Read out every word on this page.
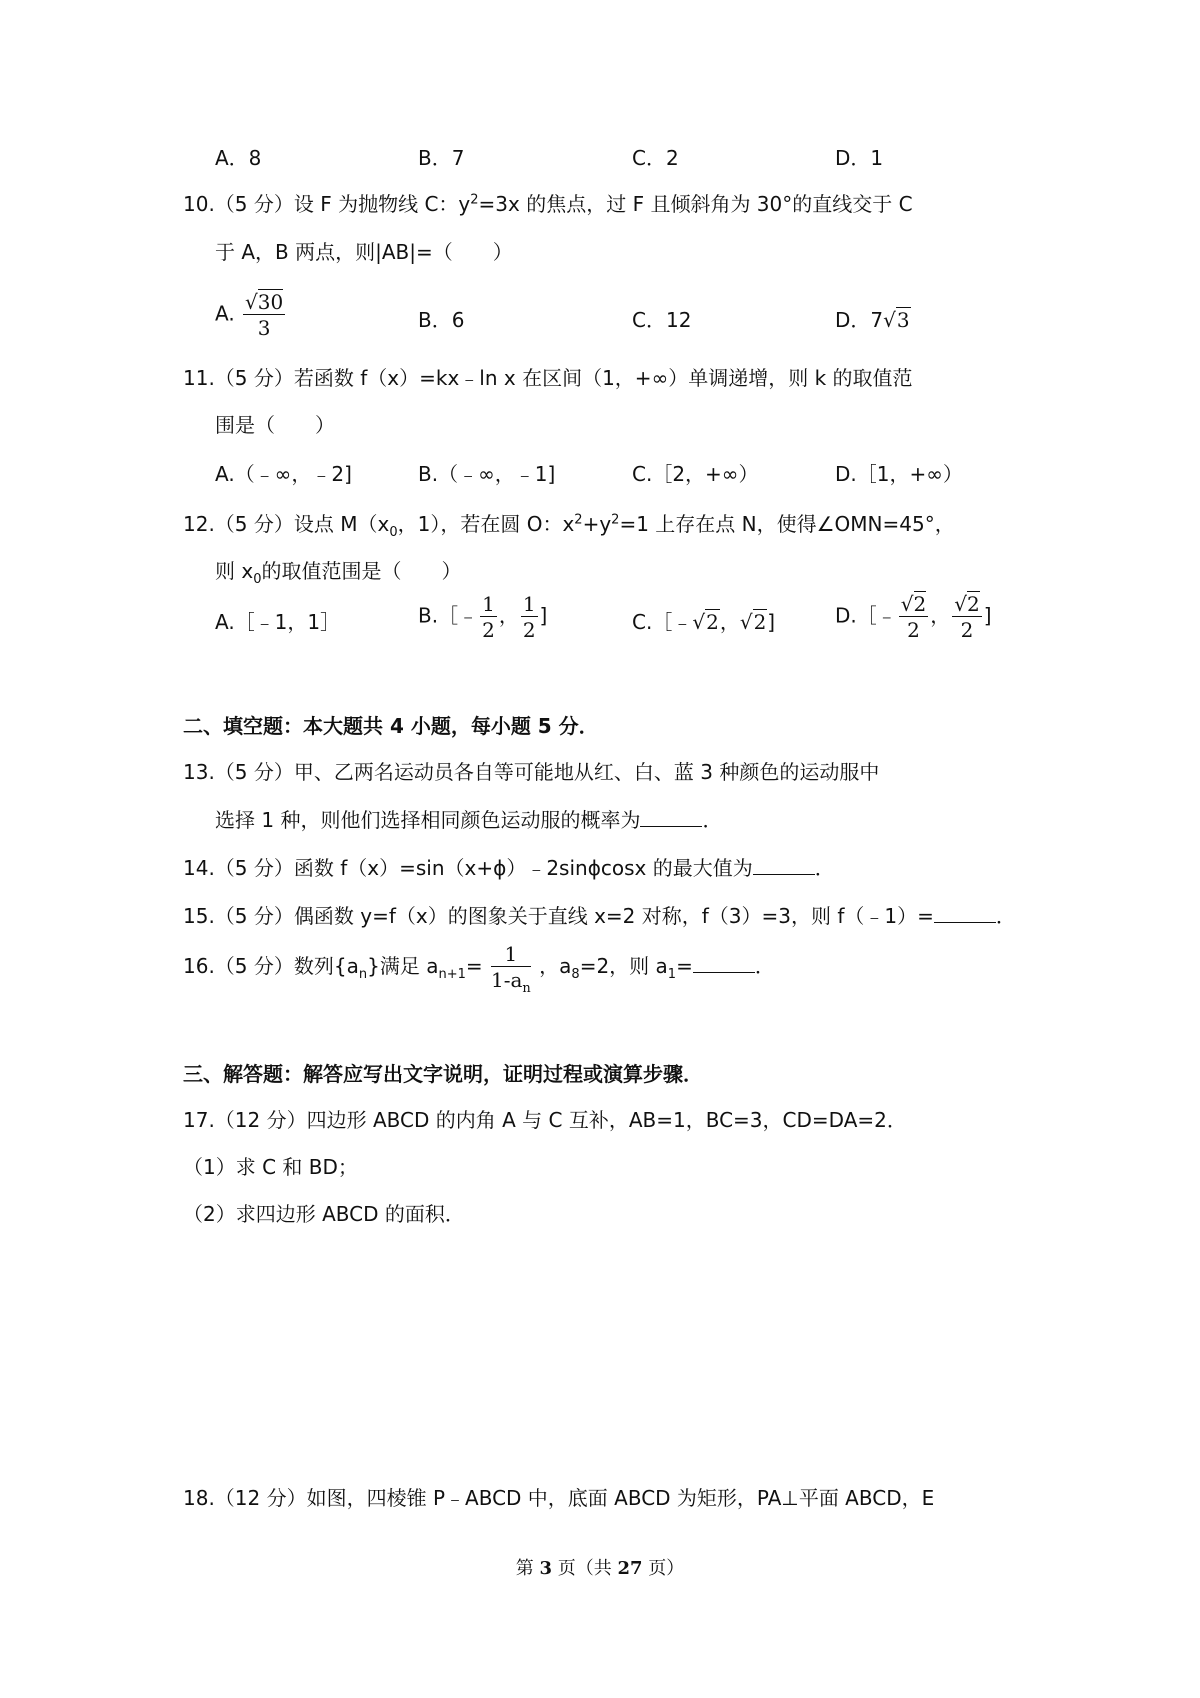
A．8	B．7	C．2	D．1
10.（5 分）设 F 为抛物线 C：$y^2=3x$ 的焦点，过 F 且倾斜角为 30°的直线交于 C
于 A，B 两点，则|AB|=（　　）
A. $\frac{√30}{3}$	B．6	C．12	D．7√3
11.（5 分）若函数 f（x）=kx﹣ln x 在区间（1，+∞）单调递增，则 k 的取值范
围是（　　）
A.（﹣∞，﹣2]	B.（﹣∞，﹣1]	C.［2，+∞）	D.［1，+∞）
12.（5 分）设点 $M(x_0$，1），若在圆 O：$x^2+y^2=1$ 上存在点 N，使得∠OMN=45°，
则 $x_0$的取值范围是（　　）
A.［﹣1，1］	B.［﹣ $\frac{1}{2}$ ， $\frac{1}{2}$ ]	C.［﹣√2，√2]	D.［﹣ $\frac{√2}{2}$ ， $\frac{√2}{2}$ ]
二、填空题：本大题共 4 小题，每小题 5 分．
13.（5 分）甲、乙两名运动员各自等可能地从红、白、蓝 3 种颜色的运动服中
选择 1 种，则他们选择相同颜色运动服的概率为	．
14.（5 分）函数 f（x）=sin（x+ϕ）﹣2sinϕcosx 的最大值为	．
15.（5 分）偶函数 y=f（x）的图象关于直线 x=2 对称，f（3）=3，则 f（﹣1）=	．
16.（5 分）数列$\{a_n\}$满足 $a_{n+1}= \frac{1}{1-a_n}$ ，$a_8=2$，则 $a_1=$	．
三、解答题：解答应写出文字说明，证明过程或演算步骤．
17.（12 分）四边形 ABCD 的内角 A 与 C 互补，AB=1，BC=3，CD=DA=2．
（1）求 C 和 BD；
（2）求四边形 ABCD 的面积．
18.（12 分）如图，四棱锥 P﹣ABCD 中，底面 ABCD 为矩形，PA⊥平面 ABCD，E
第 3 页（共 27 页）
